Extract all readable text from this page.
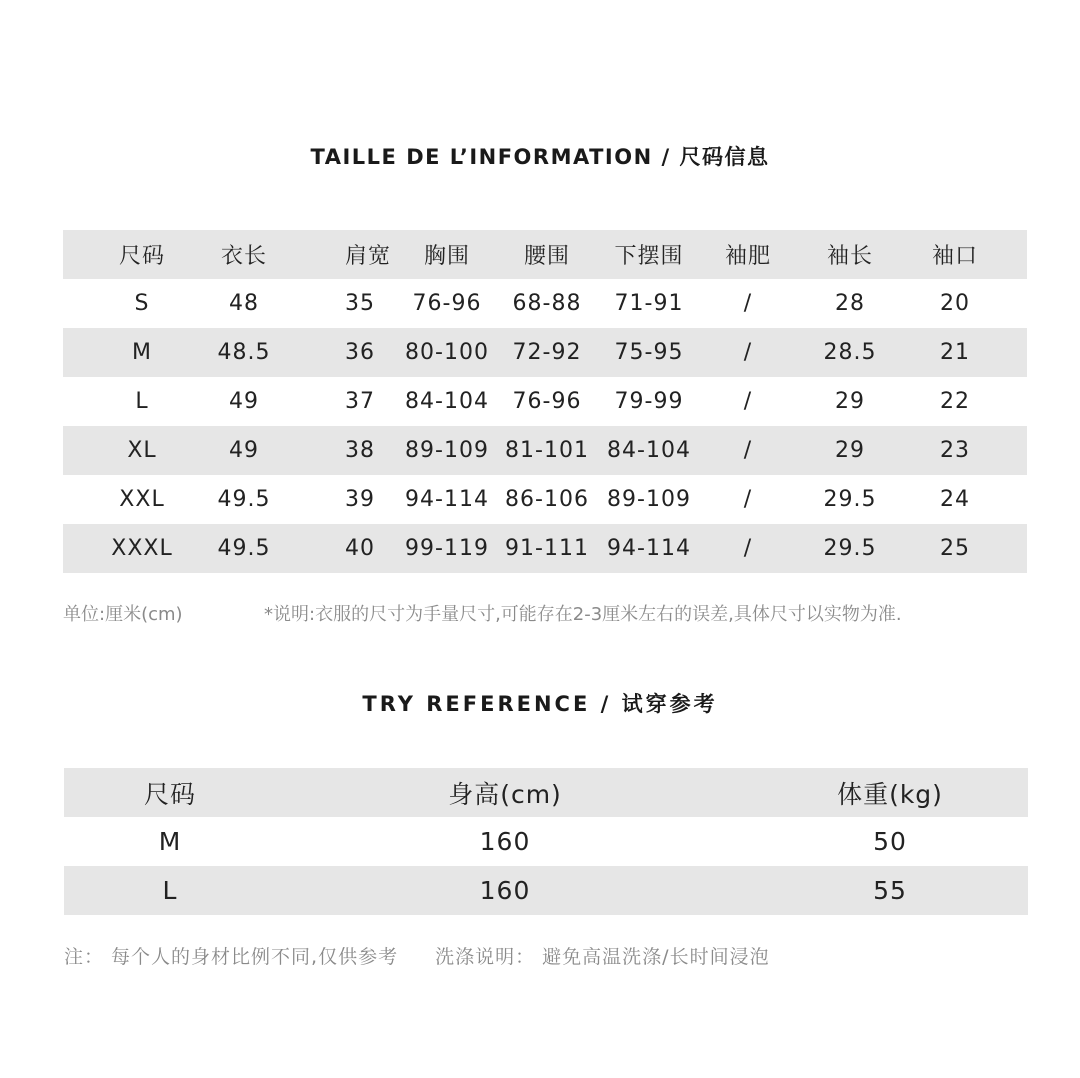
TAILLE DE L’INFORMATION / 尺码信息
尺码	衣长	肩宽 胸围 腰围 下摆围 袖肥	袖长	袖口
S	48	35 76-96 68-88 71-91	/	28	20
M	48.5	36 80-100 72-92 75-95	/	28.5	21
L	49	37 84-104 76-96 79-99	/	29	22
XL	49	38 89-109 81-101 84-104 /	29	23
XXL	49.5	39 94-114 86-106 89-109 /	29.5	24
XXXL	49.5	40 99-119 91-111 94-114 /	29.5	25
单位:厘米(cm)	*说明:衣服的尺寸为手量尺寸,可能存在2-3厘米左右的误差,具体尺寸以实物为准.
TRY REFERENCE / 试穿参考
尺码	身高(cm)	体重(kg)
M	160	50
L	160	55
注： 每个人的身材比例不同,仅供参考 洗涤说明： 避免高温洗涤/长时间浸泡
